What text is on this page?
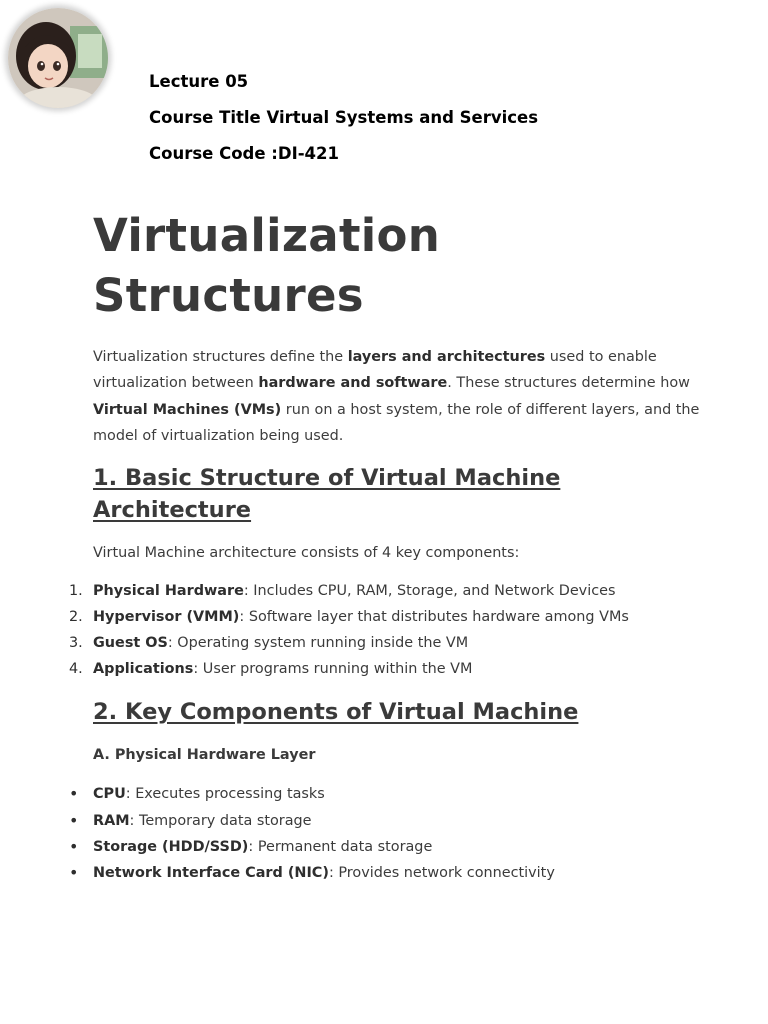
Lecture 05
Course Title Virtual Systems and Services
Course Code :DI-421
Virtualization Structures
Virtualization structures define the layers and architectures used to enable virtualization between hardware and software. These structures determine how Virtual Machines (VMs) run on a host system, the role of different layers, and the model of virtualization being used.
1. Basic Structure of Virtual Machine Architecture
Virtual Machine architecture consists of 4 key components:
1. Physical Hardware: Includes CPU, RAM, Storage, and Network Devices
2. Hypervisor (VMM): Software layer that distributes hardware among VMs
3. Guest OS: Operating system running inside the VM
4. Applications: User programs running within the VM
2. Key Components of Virtual Machine
A. Physical Hardware Layer
•	CPU: Executes processing tasks
•	RAM: Temporary data storage
•	Storage (HDD/SSD): Permanent data storage
•	Network Interface Card (NIC): Provides network connectivity
